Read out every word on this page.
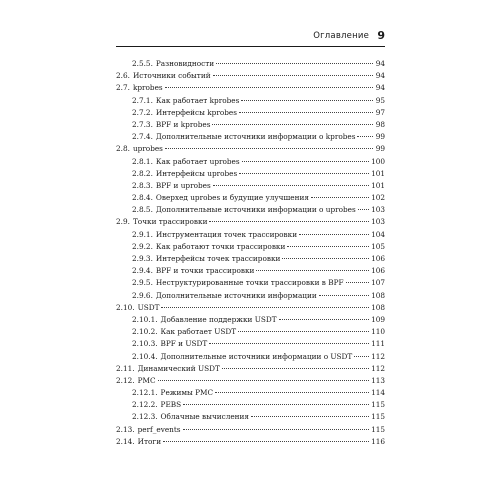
Оглавление 9
2.5.5. Разновидности	94
2.6. Источники событий	94
2.7. kprobes	94
2.7.1. Как работает kprobes	95
2.7.2. Интерфейсы kprobes	97
2.7.3. BPF и kprobes	98
2.7.4. Дополнительные источники информации о kprobes	99
2.8. uprobes	99
2.8.1. Как работает uprobes	100
2.8.2. Интерфейсы uprobes	101
2.8.3. BPF и uprobes	101
2.8.4. Оверхед uprobes и будущие улучшения	102
2.8.5. Дополнительные источники информации о uprobes 103
2.9. Точки трассировки	103
2.9.1. Инструментация точек трассировки	104
2.9.2. Как работают точки трассировки	105
2.9.3. Интерфейсы точек трассировки	106
2.9.4. BPF и точки трассировки	106
2.9.5. Неструктурированные точки трассировки в BPF	107
2.9.6. Дополнительные источники информации	108
2.10. USDT	108
2.10.1. Добавление поддержки USDT	109
2.10.2. Как работает USDT	110
2.10.3. BPF и USDT	111
2.10.4. Дополнительные источники информации о USDT	112
2.11. Динамический USDT	112
2.12. PMC	113
2.12.1. Режимы PMC	114
2.12.2. PEBS	115
2.12.3. Облачные вычисления	115
2.13. perf_events	115
2.14. Итоги	116
